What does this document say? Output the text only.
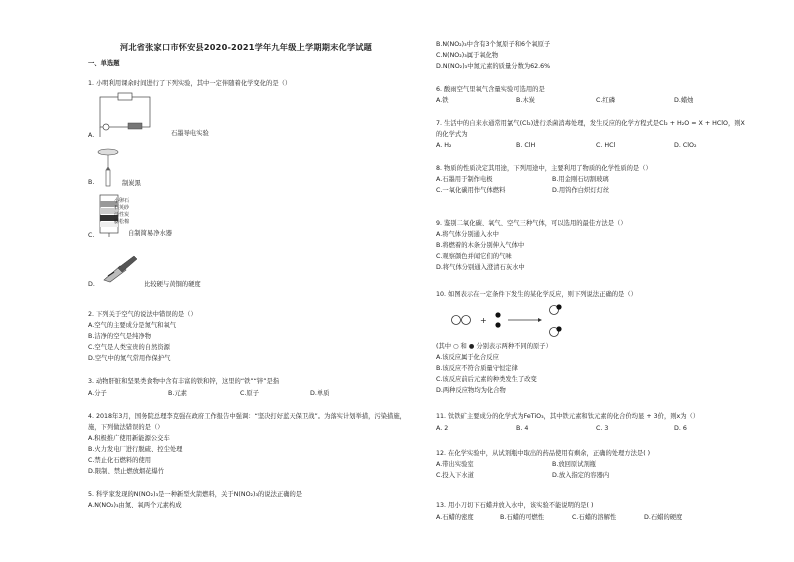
河北省张家口市怀安县2020-2021学年九年级上学期期末化学试题
一、单选题
1. 小明利用课余时间进行了下列实验，其中一定伴随着化学变化的是（）
A.	石墨导电实验
B.	制炭黑
C.
小卵石
石英砂
活性炭
膨松棉
自制简易净水器
D.	比较硬与黄铜的硬度
2. 下列关于空气的说法中错误的是（）
A.空气的主要成分是氮气和氧气
B.洁净的空气是纯净物
C.空气是人类宝贵的自然资源
D.空气中的氮气常用作保护气
3. 动物肝脏和坚果类食物中含有丰富的铁和锌，这里的“铁”“锌”是指
A.分子	B.元素	C.原子	D.单质
4. 2018年3月，国务院总理李克强在政府工作报告中强调：“坚决打好蓝天保卫战”。为落实计划举措，污染措施，
施，下列做法错误的是（）
A.积极推广使用新能源公交车
B.火力发电厂进行脱硫、控尘处理
C.禁止化石燃料的使用
D.限制、禁止燃放烟花爆竹
5. 科学家发现的N(NO₂)₃是一种新型火箭燃料，关于N(NO₂)₃的说法正确的是
A.N(NO₂)₃由氮、氧两个元素构成
B.N(NO₂)₃中含有3个氮原子和6个氧原子
C.N(NO₂)₃属于氧化物
D.N(NO₂)₃中氮元素的质量分数为62.6%
6. 酸雨空气里氧气含量实验可选用的是
A.铁	B.木炭	C.红磷	D.蜡烛
7. 生活中的自来水通常用氯气(Cl₂)进行杀菌消毒处理，发生反应的化学方程式是Cl₂ + H₂O = X + HClO，则X
的化学式为
A. H₂	B. ClH	C. HCl	D. ClO₂
8. 物质的性质决定其用途，下列用途中，主要利用了物质的化学性质的是（）
A.石墨用于制作电极	B.用金刚石切割玻璃
C.一氧化碳用作气体燃料	D.用钨作白炽灯灯丝
9. 鉴别二氧化碳、氧气、空气三种气体，可以选用的最佳方法是（）
A.将气体分别通入水中
B.将燃着的木条分别伸入气体中
C.观察颜色并闻它们的气味
D.将气体分别通入澄清石灰水中
10. 如图表示在一定条件下发生的某化学反应，则下列说法正确的是（）
+
(其中 ○ 和 ● 分别表示两种不同的原子）
A.该反应属于化合反应
B.该反应不符合质量守恒定律
C.该反应前后元素的种类发生了改变
D.两种反应物均为化合物
11. 钛铁矿主要成分的化学式为FeTiO₃，其中铁元素和钛元素的化合价均显 + 3价，则x为（）
A. 2	B. 4	C. 3	D. 6
12. 在化学实验中，从试剂瓶中取出的药品使用有剩余，正确的处理方法是( )
A.带出实验室	B.放回原试剂瓶
C.投入下水道	D.放入指定的容器内
13. 用小刀切下石蜡并放入水中，该实验不能说明的是( )
A.石蜡的密度	B.石蜡的可燃性	C.石蜡的溶解性	D.石蜡的硬度
